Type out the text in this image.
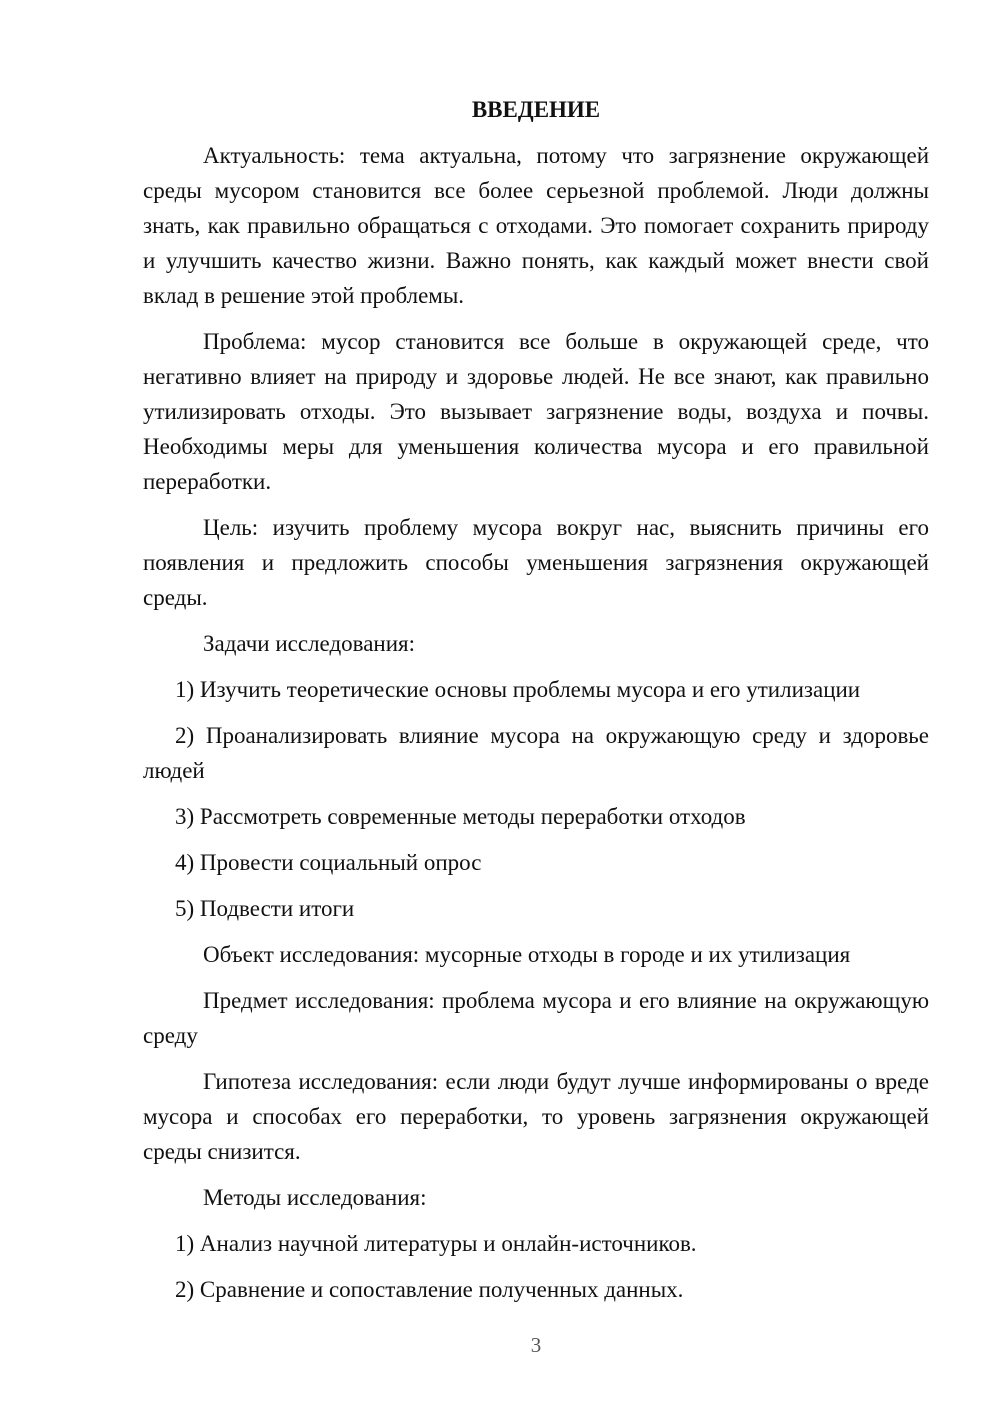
ВВЕДЕНИЕ

Актуальность: тема актуальна, потому что загрязнение окружающей среды мусором становится все более серьезной проблемой. Люди должны знать, как правильно обращаться с отходами. Это помогает сохранить природу и улучшить качество жизни. Важно понять, как каждый может внести свой вклад в решение этой проблемы.

Проблема: мусор становится все больше в окружающей среде, что негативно влияет на природу и здоровье людей. Не все знают, как правильно утилизировать отходы. Это вызывает загрязнение воды, воздуха и почвы. Необходимы меры для уменьшения количества мусора и его правильной переработки.

Цель: изучить проблему мусора вокруг нас, выяснить причины его появления и предложить способы уменьшения загрязнения окружающей среды.

Задачи исследования:

1) Изучить теоретические основы проблемы мусора и его утилизации

2) Проанализировать влияние мусора на окружающую среду и здоровье людей

3) Рассмотреть современные методы переработки отходов

4) Провести социальный опрос

5) Подвести итоги

Объект исследования: мусорные отходы в городе и их утилизация

Предмет исследования: проблема мусора и его влияние на окружающую среду

Гипотеза исследования: если люди будут лучше информированы о вреде мусора и способах его переработки, то уровень загрязнения окружающей среды снизится.

Методы исследования:

1) Анализ научной литературы и онлайн-источников.

2) Сравнение и сопоставление полученных данных.

3
